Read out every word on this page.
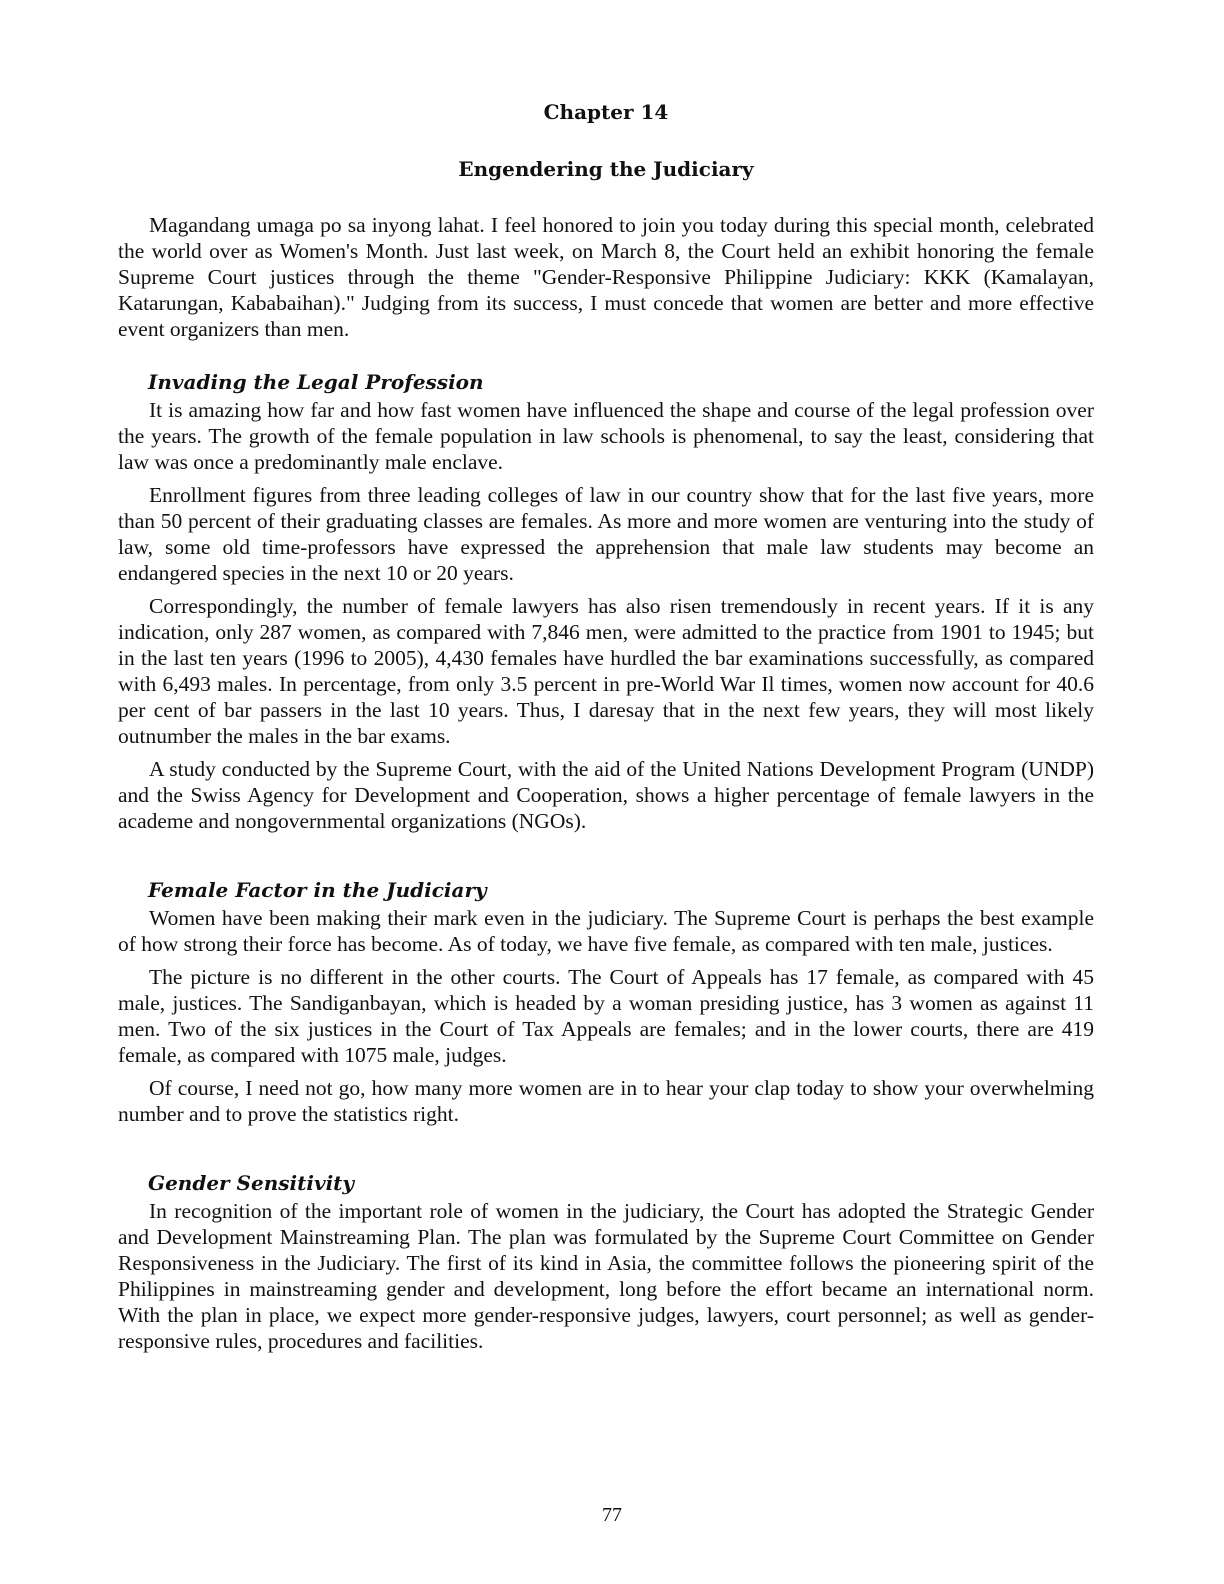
Chapter 14
Engendering the Judiciary

Magandang umaga po sa inyong lahat. I feel honored to join you today during this special month, celebrated the world over as Women's Month. Just last week, on March 8, the Court held an exhibit honoring the female Supreme Court justices through the theme "Gender-Responsive Philippine Judiciary: KKK (Kamalayan, Katarungan, Kababaihan)." Judging from its success, I must concede that women are better and more effective event organizers than men.

Invading the Legal Profession

It is amazing how far and how fast women have influenced the shape and course of the legal profession over the years. The growth of the female population in law schools is phenomenal, to say the least, considering that law was once a predominantly male enclave.

Enrollment figures from three leading colleges of law in our country show that for the last five years, more than 50 percent of their graduating classes are females. As more and more women are venturing into the study of law, some old time-professors have expressed the apprehension that male law students may become an endangered species in the next 10 or 20 years.

Correspondingly, the number of female lawyers has also risen tremendously in recent years. If it is any indication, only 287 women, as compared with 7,846 men, were admitted to the practice from 1901 to 1945; but in the last ten years (1996 to 2005), 4,430 females have hurdled the bar examinations successfully, as compared with 6,493 males. In percentage, from only 3.5 percent in pre-World War Il times, women now account for 40.6 per cent of bar passers in the last 10 years. Thus, I daresay that in the next few years, they will most likely outnumber the males in the bar exams.

A study conducted by the Supreme Court, with the aid of the United Nations Development Program (UNDP) and the Swiss Agency for Development and Cooperation, shows a higher percentage of female lawyers in the academe and nongovernmental organizations (NGOs).

Female Factor in the Judiciary

Women have been making their mark even in the judiciary. The Supreme Court is perhaps the best example of how strong their force has become. As of today, we have five female, as compared with ten male, justices.

The picture is no different in the other courts. The Court of Appeals has 17 female, as compared with 45 male, justices. The Sandiganbayan, which is headed by a woman presiding justice, has 3 women as against 11 men. Two of the six justices in the Court of Tax Appeals are females; and in the lower courts, there are 419 female, as compared with 1075 male, judges.

Of course, I need not go, how many more women are in to hear your clap today to show your overwhelming number and to prove the statistics right.

Gender Sensitivity

In recognition of the important role of women in the judiciary, the Court has adopted the Strategic Gender and Development Mainstreaming Plan. The plan was formulated by the Supreme Court Committee on Gender Responsiveness in the Judiciary. The first of its kind in Asia, the committee follows the pioneering spirit of the Philippines in mainstreaming gender and development, long before the effort became an international norm. With the plan in place, we expect more gender-responsive judges, lawyers, court personnel; as well as gender-responsive rules, procedures and facilities.

77
